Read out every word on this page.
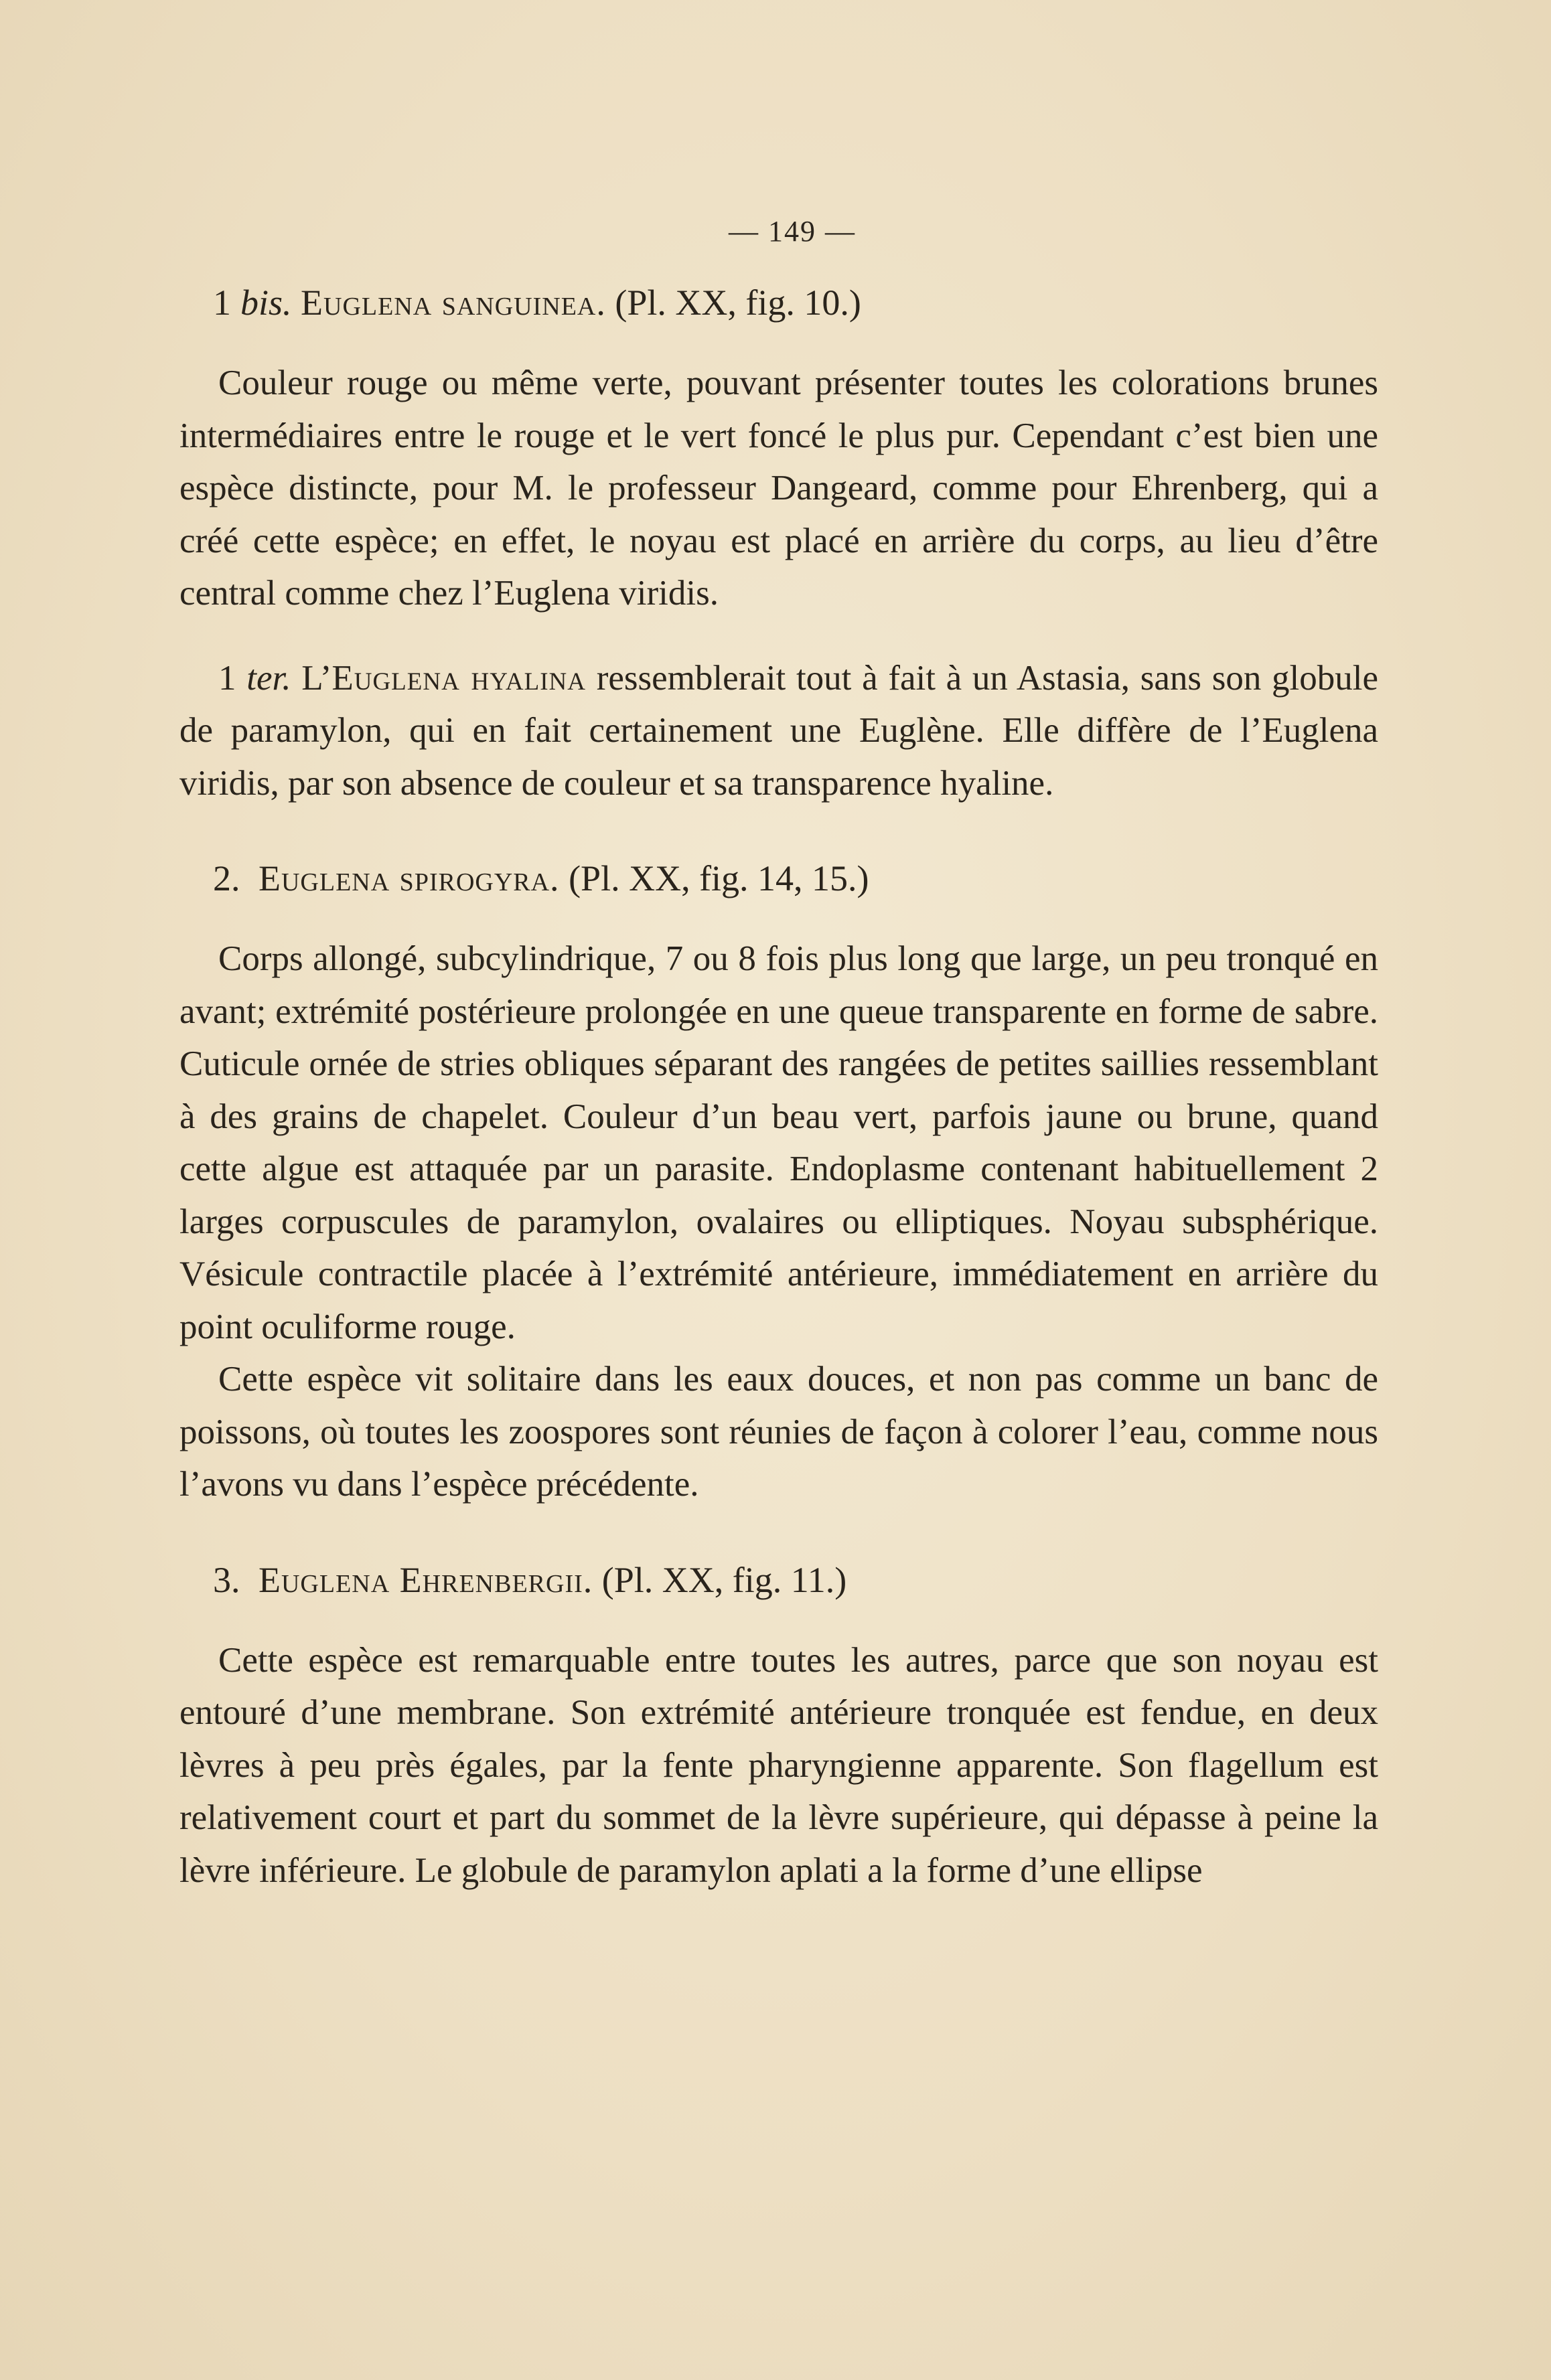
— 149 —
1 bis. Euglena sanguinea. (Pl. XX, fig. 10.)

Couleur rouge ou même verte, pouvant présenter toutes les colorations brunes intermédiaires entre le rouge et le vert foncé le plus pur. Cependant c’est bien une espèce distincte, pour M. le professeur Dangeard, comme pour Ehrenberg, qui a créé cette espèce; en effet, le noyau est placé en arrière du corps, au lieu d’être central comme chez l’Euglena viridis.

1 ter. L’Euglena hyalina ressemblerait tout à fait à un Astasia, sans son globule de paramylon, qui en fait certainement une Euglène. Elle diffère de l’Euglena viridis, par son absence de couleur et sa transparence hyaline.

2. Euglena spirogyra. (Pl. XX, fig. 14, 15.)

Corps allongé, subcylindrique, 7 ou 8 fois plus long que large, un peu tronqué en avant; extrémité postérieure prolongée en une queue transparente en forme de sabre. Cuticule ornée de stries obliques séparant des rangées de petites saillies ressemblant à des grains de chapelet. Couleur d’un beau vert, parfois jaune ou brune, quand cette algue est attaquée par un parasite. Endoplasme contenant habituellement 2 larges corpuscules de paramylon, ovalaires ou elliptiques. Noyau subsphérique. Vésicule contractile placée à l’extrémité antérieure, immédiatement en arrière du point oculiforme rouge.

Cette espèce vit solitaire dans les eaux douces, et non pas comme un banc de poissons, où toutes les zoospores sont réunies de façon à colorer l’eau, comme nous l’avons vu dans l’espèce précédente.

3. Euglena Ehrenbergii. (Pl. XX, fig. 11.)

Cette espèce est remarquable entre toutes les autres, parce que son noyau est entouré d’une membrane. Son extrémité antérieure tronquée est fendue, en deux lèvres à peu près égales, par la fente pharyngienne apparente. Son flagellum est relativement court et part du sommet de la lèvre supérieure, qui dépasse à peine la lèvre inférieure. Le globule de paramylon aplati a la forme d’une ellipse
